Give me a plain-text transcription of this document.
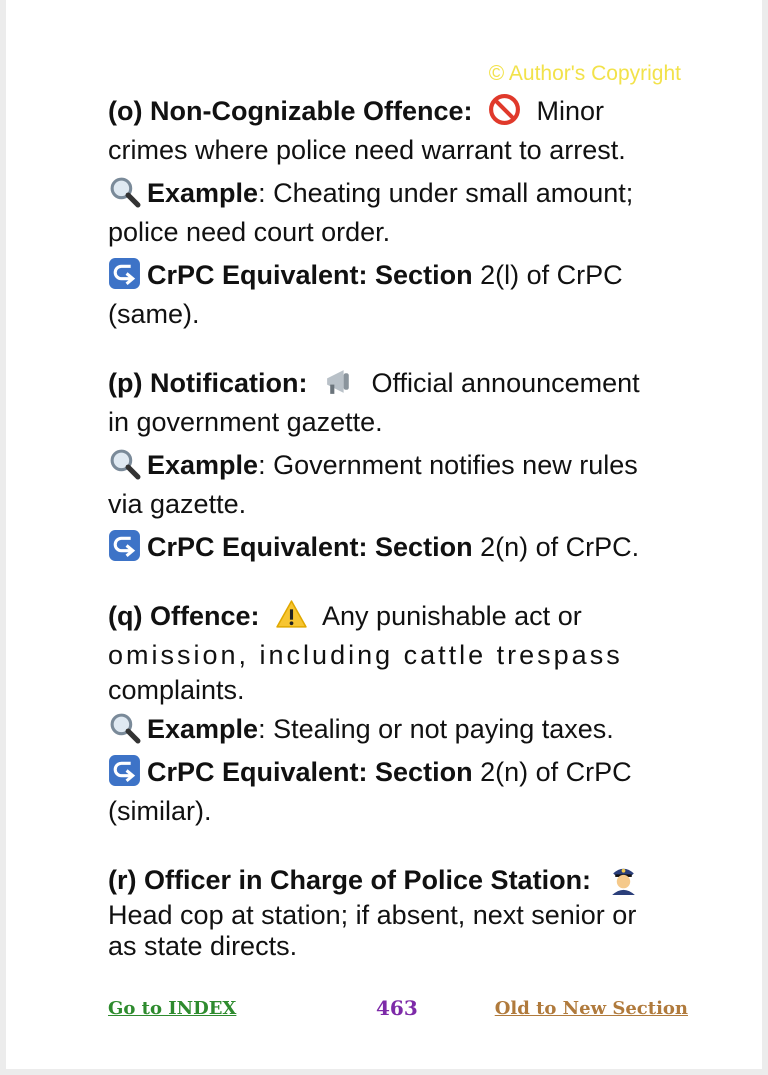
© Author's Copyright

(o) Non-Cognizable Offence: Minor
crimes where police need warrant to arrest.

Example: Cheating under small amount;
police need court order.

CrPC Equivalent: Section 2(l) of CrPC
(same).

(p) Notification: Official announcement
in government gazette.

Example: Government notifies new rules
via gazette.

CrPC Equivalent: Section 2(n) of CrPC.

(q) Offence: Any punishable act or

omission, including cattle trespass

complaints.

Example: Stealing or not paying taxes.

CrPC Equivalent: Section 2(n) of CrPC
(similar).

(r) Officer in Charge of Police Station:

Head cop at station; if absent, next senior or

as state directs.

Go to INDEX	463	Old to New Section
